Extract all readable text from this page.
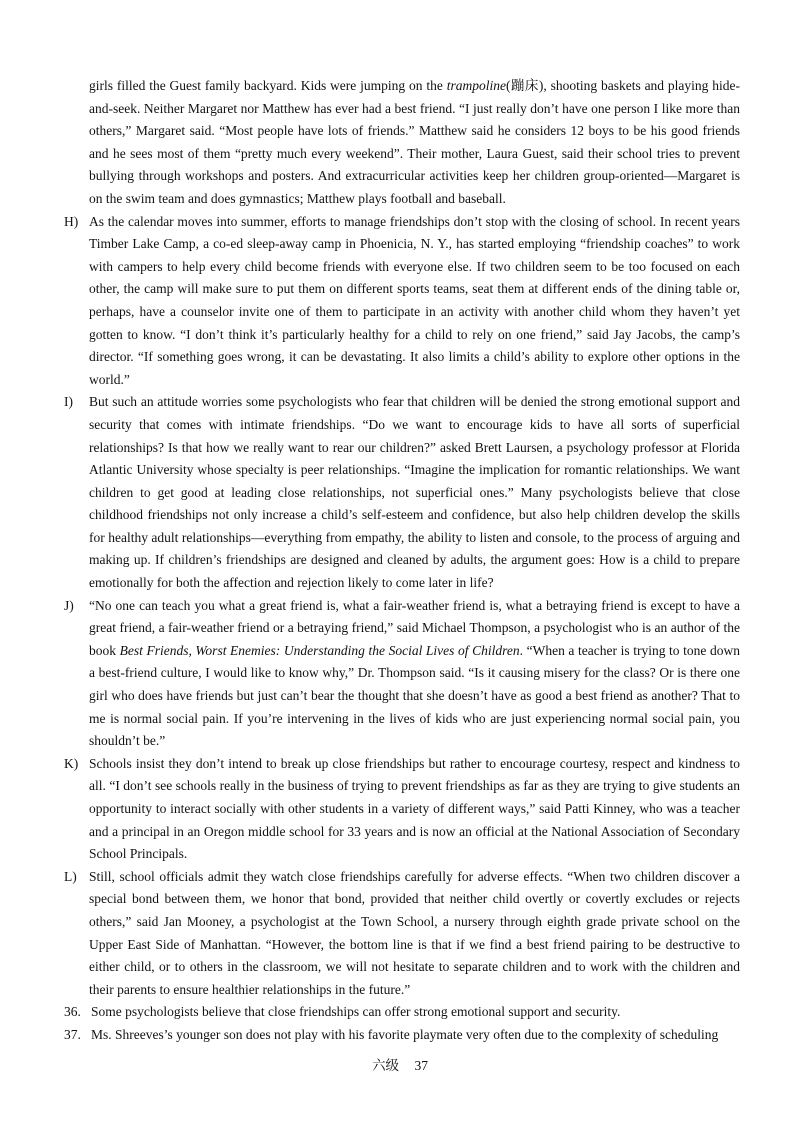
girls filled the Guest family backyard. Kids were jumping on the trampoline(蹦床), shooting baskets and playing hide-and-seek. Neither Margaret nor Matthew has ever had a best friend. “I just really don’t have one person I like more than others,” Margaret said. “Most people have lots of friends.” Matthew said he considers 12 boys to be his good friends and he sees most of them “pretty much every weekend”. Their mother, Laura Guest, said their school tries to prevent bullying through workshops and posters. And extracurricular activities keep her children group-oriented—Margaret is on the swim team and does gymnastics; Matthew plays football and baseball.

H) As the calendar moves into summer, efforts to manage friendships don’t stop with the closing of school. In recent years Timber Lake Camp, a co-ed sleep-away camp in Phoenicia, N. Y., has started employing “friendship coaches” to work with campers to help every child become friends with everyone else. If two children seem to be too focused on each other, the camp will make sure to put them on different sports teams, seat them at different ends of the dining table or, perhaps, have a counselor invite one of them to participate in an activity with another child whom they haven’t yet gotten to know. “I don’t think it’s particularly healthy for a child to rely on one friend,” said Jay Jacobs, the camp’s director. “If something goes wrong, it can be devastating. It also limits a child’s ability to explore other options in the world.”

I)	But such an attitude worries some psychologists who fear that children will be denied the strong emotional support and security that comes with intimate friendships. “Do we want to encourage kids to have all sorts of superficial relationships? Is that how we really want to rear our children?” asked Brett Laursen, a psychology professor at Florida Atlantic University whose specialty is peer relationships. “Imagine the implication for romantic relationships. We want children to get good at leading close relationships, not superficial ones.” Many psychologists believe that close childhood friendships not only increase a child’s self-esteem and confidence, but also help children develop the skills for healthy adult relationships—everything from empathy, the ability to listen and console, to the process of arguing and making up. If children’s friendships are designed and cleaned by adults, the argument goes: How is a child to prepare emotionally for both the affection and rejection likely to come later in life?

J)	“No one can teach you what a great friend is, what a fair-weather friend is, what a betraying friend is except to have a great friend, a fair-weather friend or a betraying friend,” said Michael Thompson, a psychologist who is an author of the book Best Friends, Worst Enemies: Understanding the Social Lives of Children. “When a teacher is trying to tone down a best-friend culture, I would like to know why,” Dr. Thompson said. “Is it causing misery for the class? Or is there one girl who does have friends but just can’t bear the thought that she doesn’t have as good a best friend as another? That to me is normal social pain. If you’re intervening in the lives of kids who are just experiencing normal social pain, you shouldn’t be.”

K) Schools insist they don’t intend to break up close friendships but rather to encourage courtesy, respect and kindness to all. “I don’t see schools really in the business of trying to prevent friendships as far as they are trying to give students an opportunity to interact socially with other students in a variety of different ways,” said Patti Kinney, who was a teacher and a principal in an Oregon middle school for 33 years and is now an official at the National Association of Secondary School Principals.

L) Still, school officials admit they watch close friendships carefully for adverse effects. “When two children discover a special bond between them, we honor that bond, provided that neither child overtly or covertly excludes or rejects others,” said Jan Mooney, a psychologist at the Town School, a nursery through eighth grade private school on the Upper East Side of Manhattan. “However, the bottom line is that if we find a best friend pairing to be destructive to either child, or to others in the classroom, we will not hesitate to separate children and to work with the children and their parents to ensure healthier relationships in the future.”

36. Some psychologists believe that close friendships can offer strong emotional support and security.

37. Ms. Shreeves’s younger son does not play with his favorite playmate very often due to the complexity of scheduling

六级 37
